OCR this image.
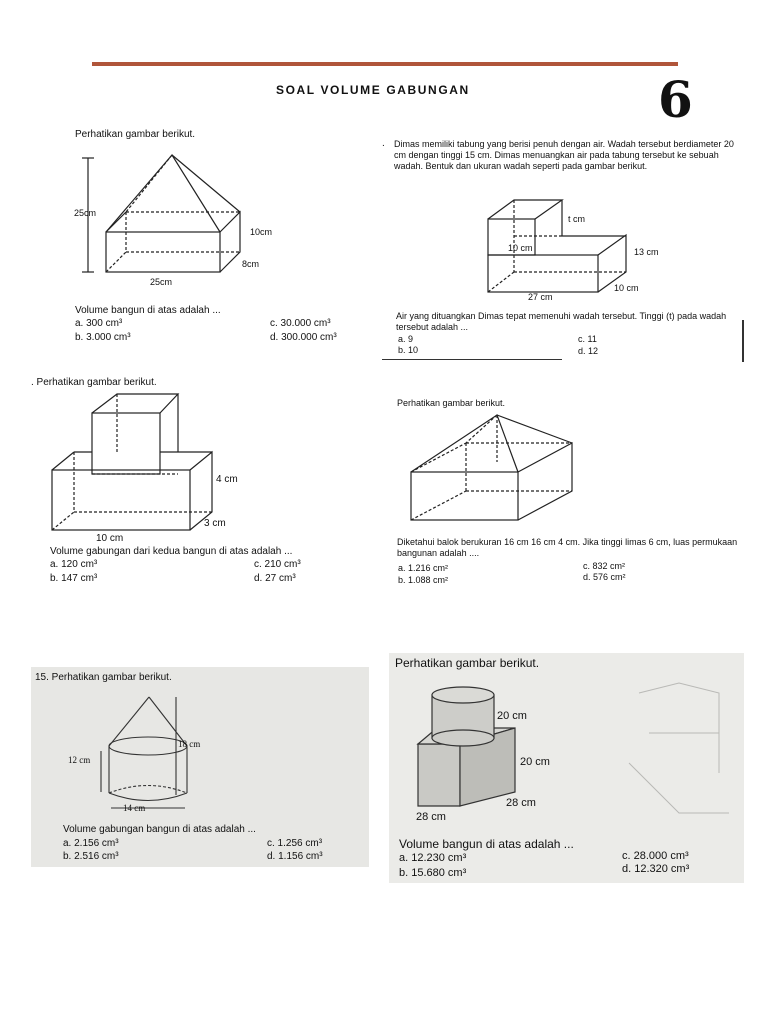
SOAL VOLUME GABUNGAN	6
Perhatikan gambar berikut.
25cm
10cm
8cm
25cm
Volume bangun di atas adalah ...
a. 300 cm³
b. 3.000 cm³
c. 30.000 cm³
d. 300.000 cm³
. Dimas memiliki tabung yang berisi penuh dengan air. Wadah tersebut berdiameter 20 cm dengan tinggi 15 cm. Dimas menuangkan air pada tabung tersebut ke sebuah wadah. Bentuk dan ukuran wadah seperti pada gambar berikut.
t cm
10 cm	13 cm
10 cm
27 cm
Air yang dituangkan Dimas tepat memenuhi wadah tersebut. Tinggi (t) pada wadah tersebut adalah ...
a. 9
b. 10
c. 11
d. 12
. Perhatikan gambar berikut.
4 cm
3 cm
10 cm
Volume gabungan dari kedua bangun di atas adalah ...
a. 120 cm³
b. 147 cm³
c. 210 cm³
d. 27 cm³
Perhatikan gambar berikut.
Diketahui balok berukuran 16 cm 16 cm 4 cm. Jika tinggi limas 6 cm, luas permukaan bangunan adalah ....
a. 1.216 cm²
b. 1.088 cm²
c. 832 cm²
d. 576 cm²
15. Perhatikan gambar berikut.
18 cm
12 cm
14 cm
Volume gabungan bangun di atas adalah ...
a. 2.156 cm³
b. 2.516 cm³
c. 1.256 cm³
d. 1.156 cm³
Perhatikan gambar berikut.
20 cm
20 cm
28 cm
28 cm
Volume bangun di atas adalah ...
a. 12.230 cm³
b. 15.680 cm³
c. 28.000 cm³
d. 12.320 cm³
